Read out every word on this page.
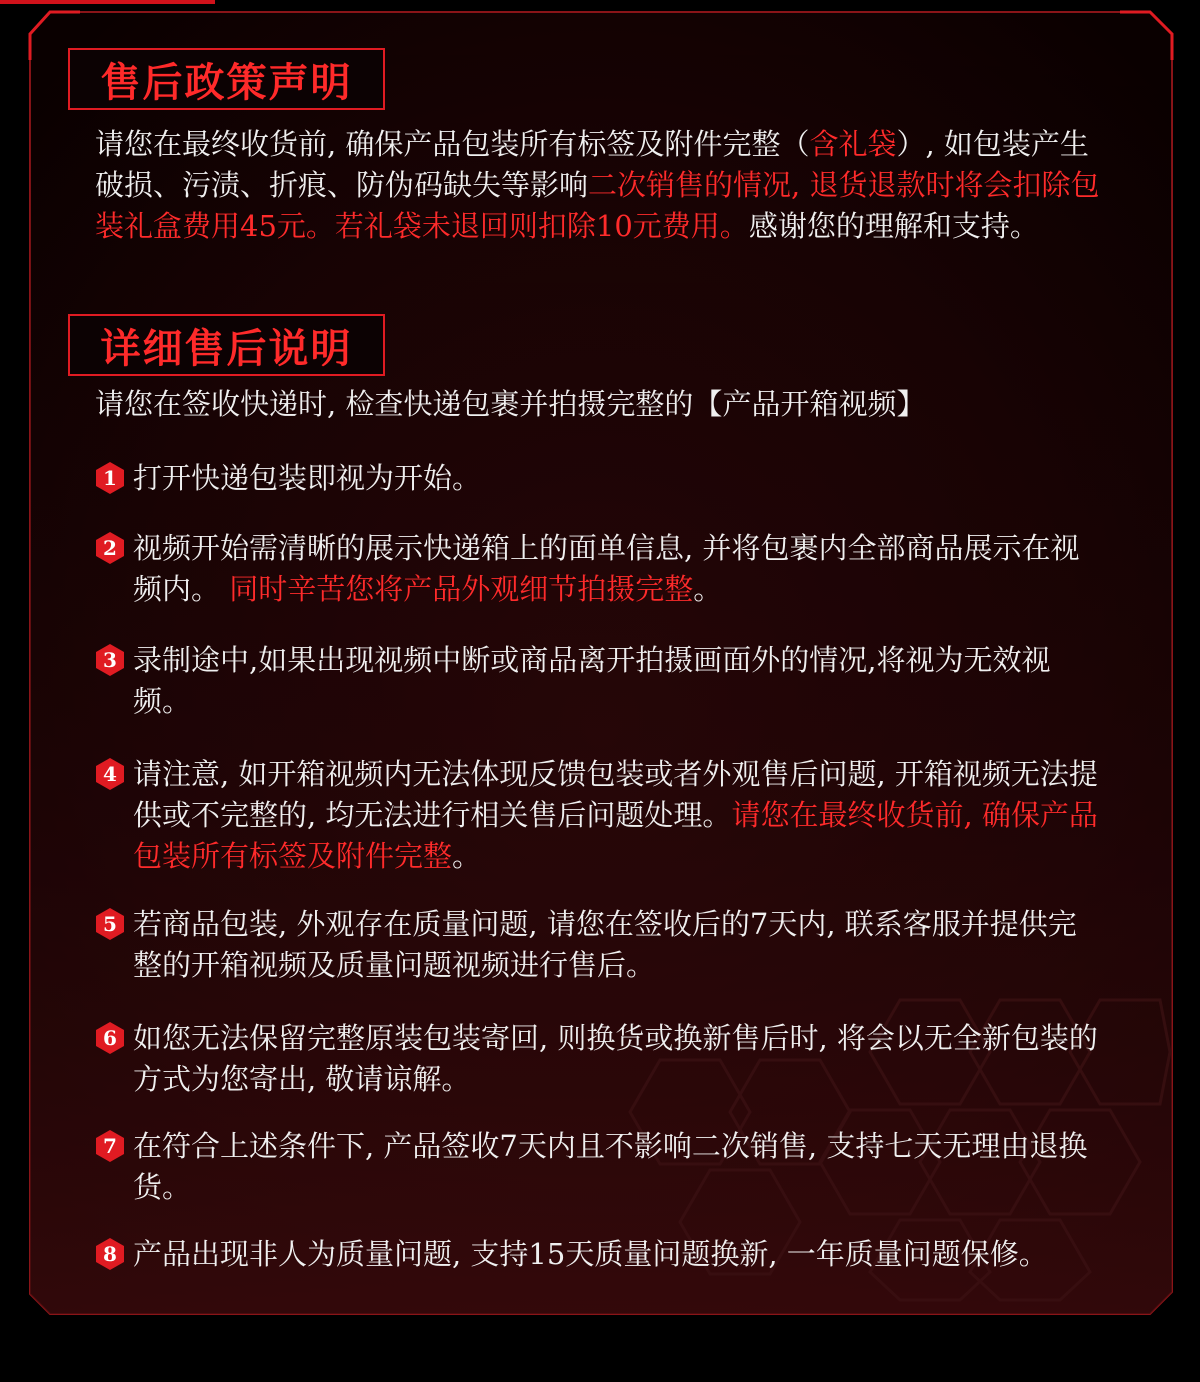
售后政策声明
请您在最终收货前, 确保产品包装所有标签及附件完整（含礼袋）, 如包装产生破损、污渍、折痕、防伪码缺失等影响二次销售的情况, 退货退款时将会扣除包装礼盒费用45元。若礼袋未退回则扣除10元费用。感谢您的理解和支持。
详细售后说明
请您在签收快递时, 检查快递包裹并拍摄完整的【产品开箱视频】
1 打开快递包装即视为开始。
2 视频开始需清晰的展示快递箱上的面单信息, 并将包裹内全部商品展示在视频内。 同时辛苦您将产品外观细节拍摄完整。
3 录制途中,如果出现视频中断或商品离开拍摄画面外的情况,将视为无效视频。
4 请注意, 如开箱视频内无法体现反馈包装或者外观售后问题, 开箱视频无法提供或不完整的, 均无法进行相关售后问题处理。请您在最终收货前, 确保产品包装所有标签及附件完整。
5 若商品包装, 外观存在质量问题, 请您在签收后的7天内, 联系客服并提供完整的开箱视频及质量问题视频进行售后。
6 如您无法保留完整原装包装寄回, 则换货或换新售后时, 将会以无全新包装的方式为您寄出, 敬请谅解。
7 在符合上述条件下, 产品签收7天内且不影响二次销售, 支持七天无理由退换货。
8 产品出现非人为质量问题, 支持15天质量问题换新, 一年质量问题保修。
